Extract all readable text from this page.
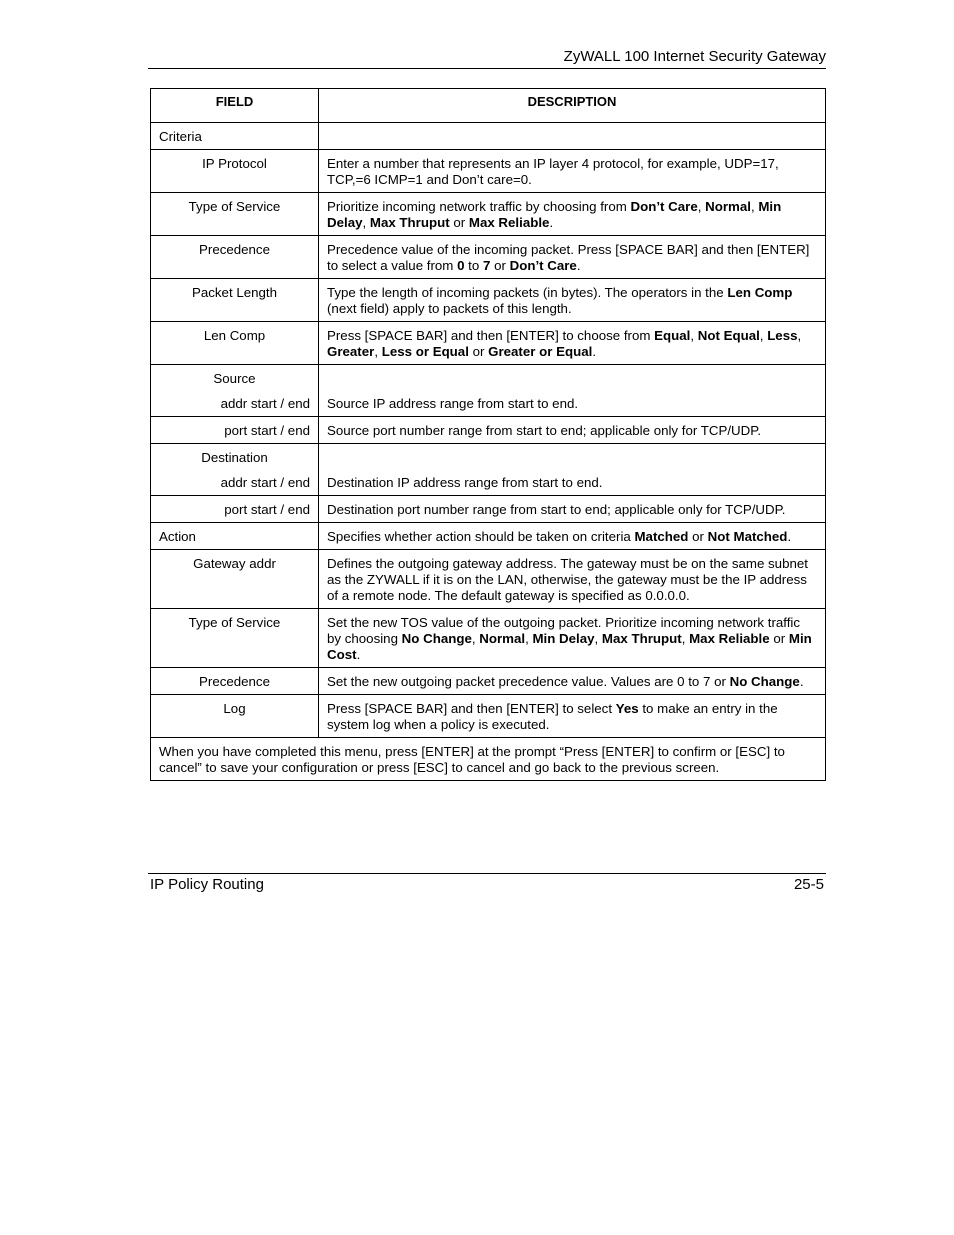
ZyWALL 100 Internet Security Gateway
FIELD	DESCRIPTION
Criteria	
IP Protocol	Enter a number that represents an IP layer 4 protocol, for example, UDP=17, TCP,=6 ICMP=1 and Don’t care=0.
Type of Service	Prioritize incoming network traffic by choosing from Don’t Care, Normal, Min Delay, Max Thruput or Max Reliable.
Precedence	Precedence value of the incoming packet. Press [SPACE BAR] and then [ENTER] to select a value from 0 to 7 or Don’t Care.
Packet Length	Type the length of incoming packets (in bytes). The operators in the Len Comp (next field) apply to packets of this length.
Len Comp	Press [SPACE BAR] and then [ENTER] to choose from Equal, Not Equal, Less, Greater, Less or Equal or Greater or Equal.

Source
addr start / end	Source IP address range from start to end.

port start / end	Source port number range from start to end; applicable only for TCP/UDP.

Destination
addr start / end	Destination IP address range from start to end.

port start / end	Destination port number range from start to end; applicable only for TCP/UDP.
Action	Specifies whether action should be taken on criteria Matched or Not Matched.
Gateway addr	Defines the outgoing gateway address. The gateway must be on the same subnet as the ZYWALL if it is on the LAN, otherwise, the gateway must be the IP address of a remote node. The default gateway is specified as 0.0.0.0.
Type of Service	Set the new TOS value of the outgoing packet. Prioritize incoming network traffic by choosing No Change, Normal, Min Delay, Max Thruput, Max Reliable or Min Cost.
Precedence	Set the new outgoing packet precedence value. Values are 0 to 7 or No Change.
Log	Press [SPACE BAR] and then [ENTER] to select Yes to make an entry in the system log when a policy is executed.
When you have completed this menu, press [ENTER] at the prompt “Press [ENTER] to confirm or [ESC] to cancel” to save your configuration or press [ESC] to cancel and go back to the previous screen.	
IP Policy Routing	25-5
